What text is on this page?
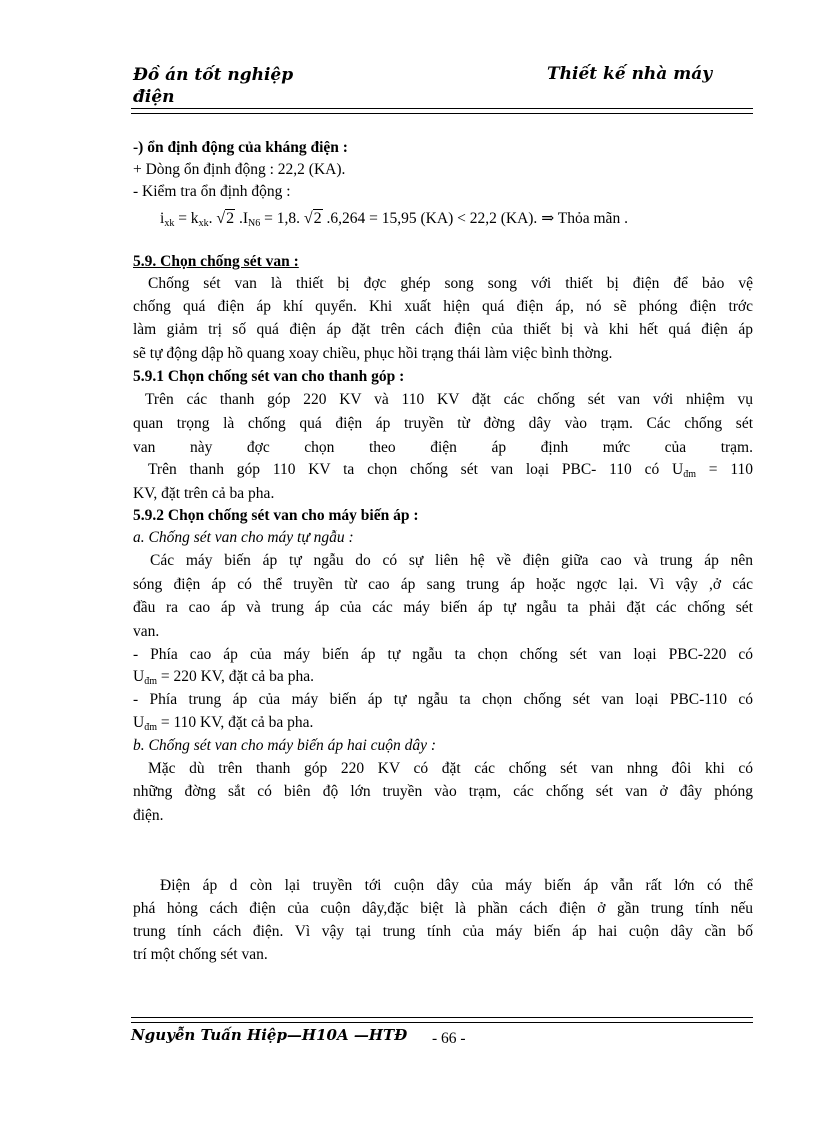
Đồ án tốt nghiệp
điện
Thiết kế nhà máy
-) ổn định động của kháng điện :
+ Dòng ổn định động : 22,2 (KA).
- Kiểm tra ổn định động :
$i_{xk} = k_{xk}$. √2 $.I_{N6} = 1,8$. √2 .6,264 = 15,95 (KA) < 22,2 (KA). ⇒ Thỏa mãn .
5.9. Chọn chống sét van :
Chống sét van là thiết bị đợc ghép song song với thiết bị điện để bảo vệ
chống quá điện áp khí quyển. Khi xuất hiện quá điện áp, nó sẽ phóng điện trớc
làm giảm trị số quá điện áp đặt trên cách điện của thiết bị và khi hết quá điện áp
sẽ tự động dập hồ quang xoay chiều, phục hồi trạng thái làm việc bình thờng.
5.9.1 Chọn chống sét van cho thanh góp :
Trên các thanh góp 220 KV và 110 KV đặt các chống sét van với nhiệm vụ
quan trọng là chống quá điện áp truyền từ đờng dây vào trạm. Các chống sét
van này đợc chọn theo điện áp định mức của trạm.
Trên thanh góp 110 KV ta chọn chống sét van loại PBC- 110 có $U_{đm} = 110$
KV, đặt trên cả ba pha.
5.9.2 Chọn chống sét van cho máy biến áp :
a. Chống sét van cho máy tự ngẫu :
Các máy biến áp tự ngẫu do có sự liên hệ về điện giữa cao và trung áp nên
sóng điện áp có thể truyền từ cao áp sang trung áp hoặc ngợc lại. Vì vậy ,ở các
đầu ra cao áp và trung áp của các máy biến áp tự ngẫu ta phải đặt các chống sét
van.
- Phía cao áp của máy biến áp tự ngẫu ta chọn chống sét van loại PBC-220 có
$U_{đm} = 220$ KV, đặt cả ba pha.
- Phía trung áp của máy biến áp tự ngẫu ta chọn chống sét van loại PBC-110 có
$U_{đm} = 110$ KV, đặt cả ba pha.
b. Chống sét van cho máy biến áp hai cuộn dây :
Mặc dù trên thanh góp 220 KV có đặt các chống sét van nhng đôi khi có
những đờng sắt có biên độ lớn truyền vào trạm, các chống sét van ở đây phóng
điện.
Điện áp d còn lại truyền tới cuộn dây của máy biến áp vẫn rất lớn có thể
phá hỏng cách điện của cuộn dây,đặc biệt là phần cách điện ở gần trung tính nếu
trung tính cách điện. Vì vậy tại trung tính của máy biến áp hai cuộn dây cần bố
trí một chống sét van.
Nguyễn Tuấn Hiệp—H10A —HTĐ - 66 -
